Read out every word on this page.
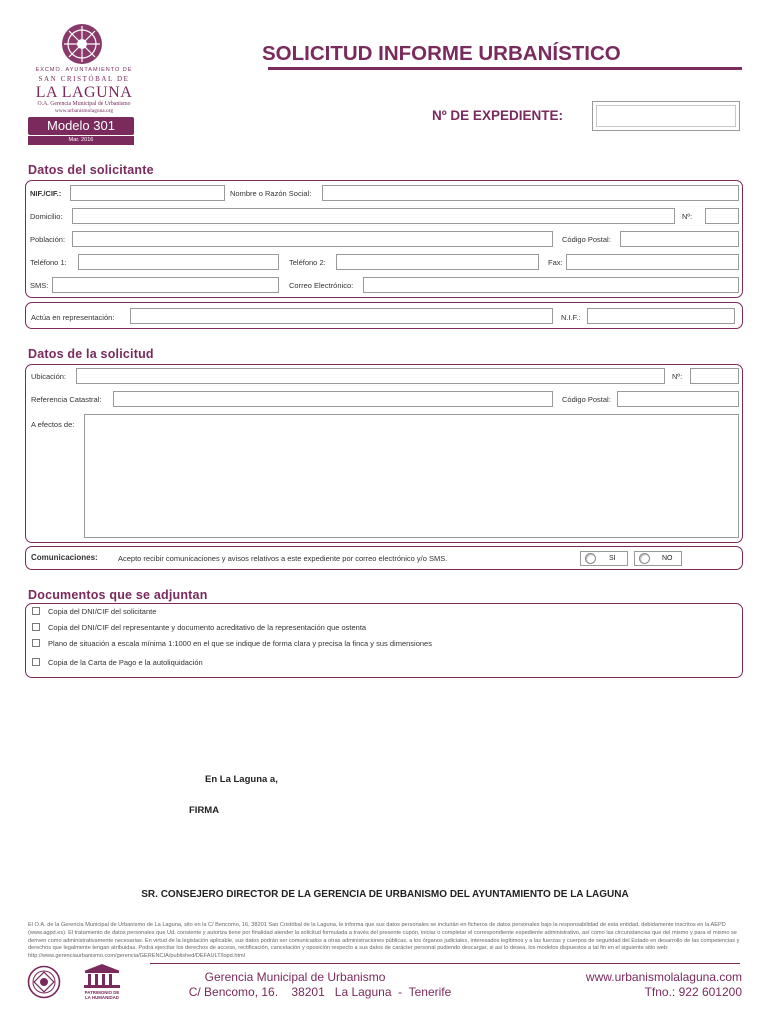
EXCMO. AYUNTAMIENTO DE
SAN CRISTÓBAL DE
LA LAGUNA
O.A. Gerencia Municipal de Urbanismo
www.urbanismolaguna.org
Modelo 301
Mar. 2016
SOLICITUD INFORME URBANÍSTICO
Nº DE EXPEDIENTE:
Datos del solicitante
NIF./CIF.:	Nombre o Razón Social:
Domicilio:	Nº:
Población:	Código Postal:
Teléfono 1:	Teléfono 2:	Fax:
SMS:	Correo Electrónico:
Actúa en representación:	N.I.F.:
Datos de la solicitud
Ubicación:	Nº:
Referencia Catastral:	Código Postal:
A efectos de:
Comunicaciones:	Acepto recibir comunicaciones y avisos relativos a este expediente por correo electrónico y/o SMS.	SI	NO
Documentos que se adjuntan
Copia del DNI/CIF del solicitante
Copia del DNI/CIF del representante y documento acreditativo de la representación que ostenta
Plano de situación a escala mínima 1:1000 en el que se indique de forma clara y precisa la finca y sus dimensiones
Copia de la Carta de Pago e la autoliquidación
En La Laguna a,
FIRMA
SR. CONSEJERO DIRECTOR DE LA GERENCIA DE URBANISMO DEL AYUNTAMIENTO DE LA LAGUNA
El O.A. de la Gerencia Municipal de Urbanismo de La Laguna, sito en la C/ Bencomo, 16, 38201 San Cristóbal de la Laguna, le informa que sus datos personales se incluirán en ficheros de datos personales bajo la responsabilidad de esta entidad, debidamente inscritos en la AEPD (www.agpd.es). El tratamiento de datos personales que Ud. consiente y autoriza tiene por finalidad atender la solicitud formulada a través del presente cupón, iniciar o completar el correspondiente expediente administrativo, así como las circunstancias que del mismo y para el mismo se deriven como administrativamente necesarias. En virtud de la legislación aplicable, sus datos podrán ser comunicados a otras administraciones públicas, a los órganos judiciales, interesados legítimos y a las fuerzas y cuerpos de seguridad del Estado en desarrollo de las competencias y derechos que legalmente tengan atribuidas. Podrá ejercitar los derechos de acceso, rectificación, cancelación y oposición respecto a sus datos de carácter personal pudiendo descargar, si así lo desea, los modelos dispuestos a tal fin en el siguiente sitio web: http://www.gerenciaurbanismo.com/gerencia/GERENCIA/published/DEFAULT/lopd.html
PATRIMONIO DE
LA HUMANIDAD
Gerencia Municipal de Urbanismo
C/ Bencomo, 16.    38201   La Laguna  -  Tenerife
www.urbanismolalaguna.com
Tfno.: 922 601200
